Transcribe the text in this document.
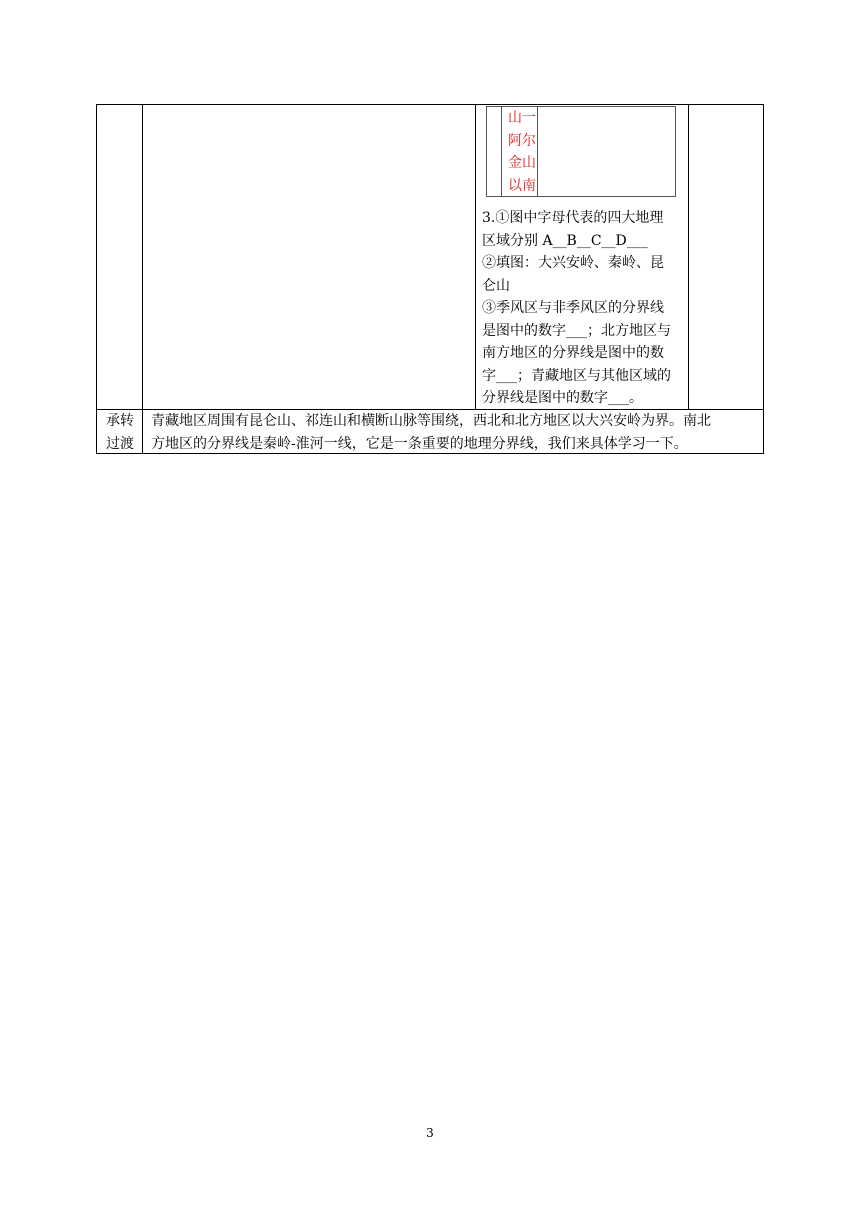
山一
阿尔
金山
以南
3.①图中字母代表的四大地理
区域分别 A__B__C__D___
②填图：大兴安岭、秦岭、昆
仑山
③季风区与非季风区的分界线
是图中的数字___；北方地区与
南方地区的分界线是图中的数
字___；青藏地区与其他区域的
分界线是图中的数字___。
承转
过渡
青藏地区周围有昆仑山、祁连山和横断山脉等围绕，西北和北方地区以大兴安岭为界。南北
方地区的分界线是秦岭-淮河一线，它是一条重要的地理分界线，我们来具体学习一下。
3
